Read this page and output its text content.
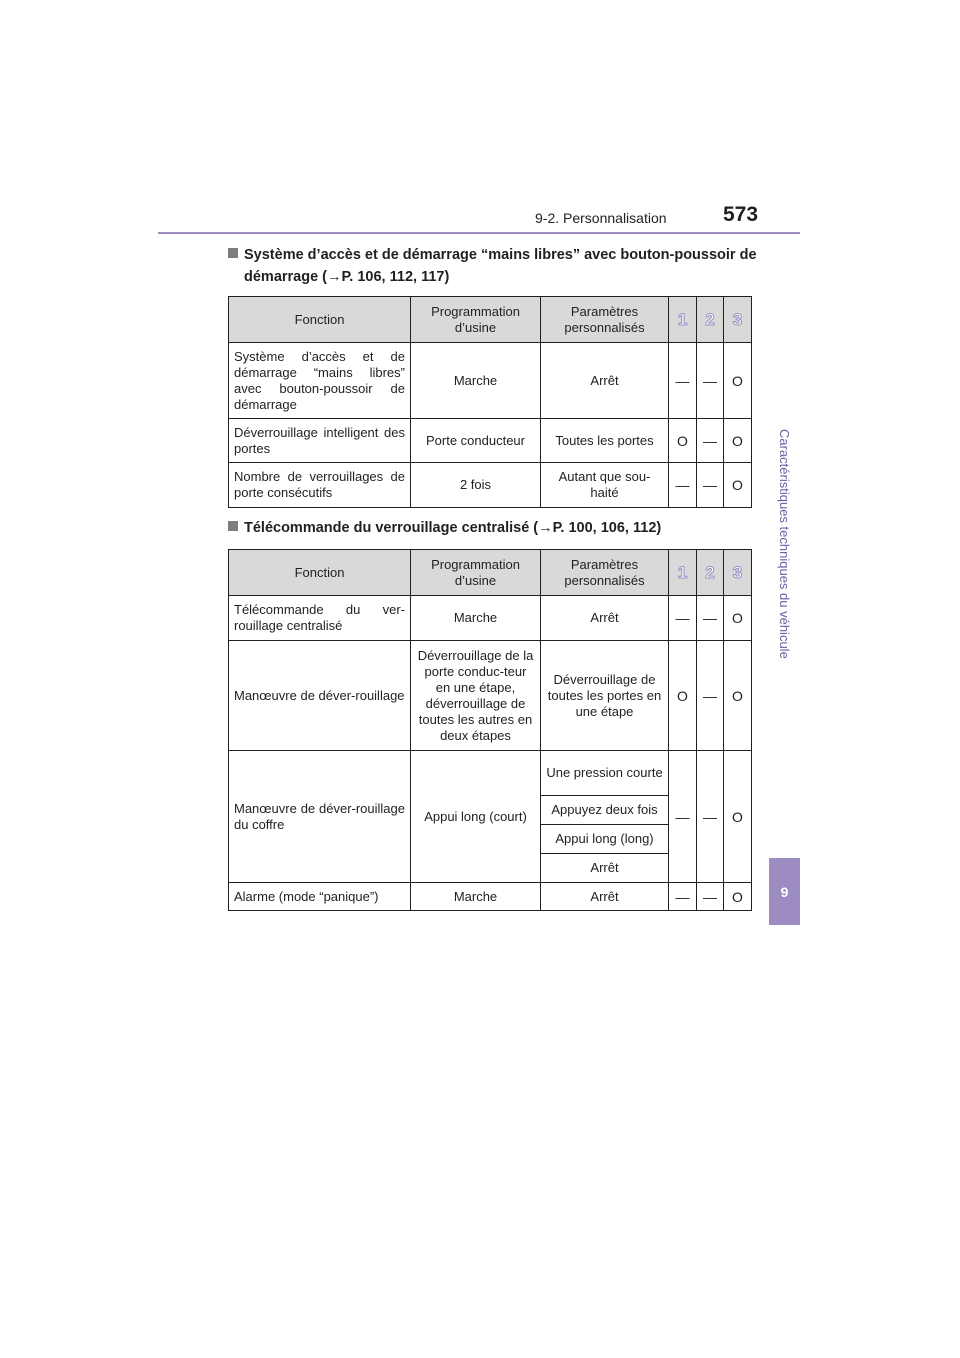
9-2. Personnalisation	573
Caractéristiques techniques du véhicule
9
Système d’accès et de démarrage “mains libres” avec bouton-poussoir de
démarrage (→P. 106, 112, 117)
Fonction	Programmation d’usine	Paramètres personnalisés	1	2	3
Système d’accès et de démarrage “mains libres” avec bouton-poussoir de démarrage	Marche	Arrêt	—	—	O
Déverrouillage intelligent des portes	Porte conducteur	Toutes les portes	O	—	O
Nombre de verrouillages de porte consécutifs	2 fois	Autant que sou-haité	—	—	O
Télécommande du verrouillage centralisé (→P. 100, 106, 112)
Fonction	Programmation d’usine	Paramètres personnalisés	1	2	3
Télécommande du ver-rouillage centralisé	Marche	Arrêt	—	—	O
Manœuvre de déver-rouillage	Déverrouillage de la porte conduc-teur en une étape, déverrouillage de toutes les autres en deux étapes	Déverrouillage de toutes les portes en une étape	O	—	O
Manœuvre de déver-rouillage du coffre	Appui long (court)	Une pression courte	—	—	O
		Appuyez deux fois			
		Appui long (long)			
		Arrêt			
Alarme (mode “panique”)	Marche	Arrêt	—	—	O
